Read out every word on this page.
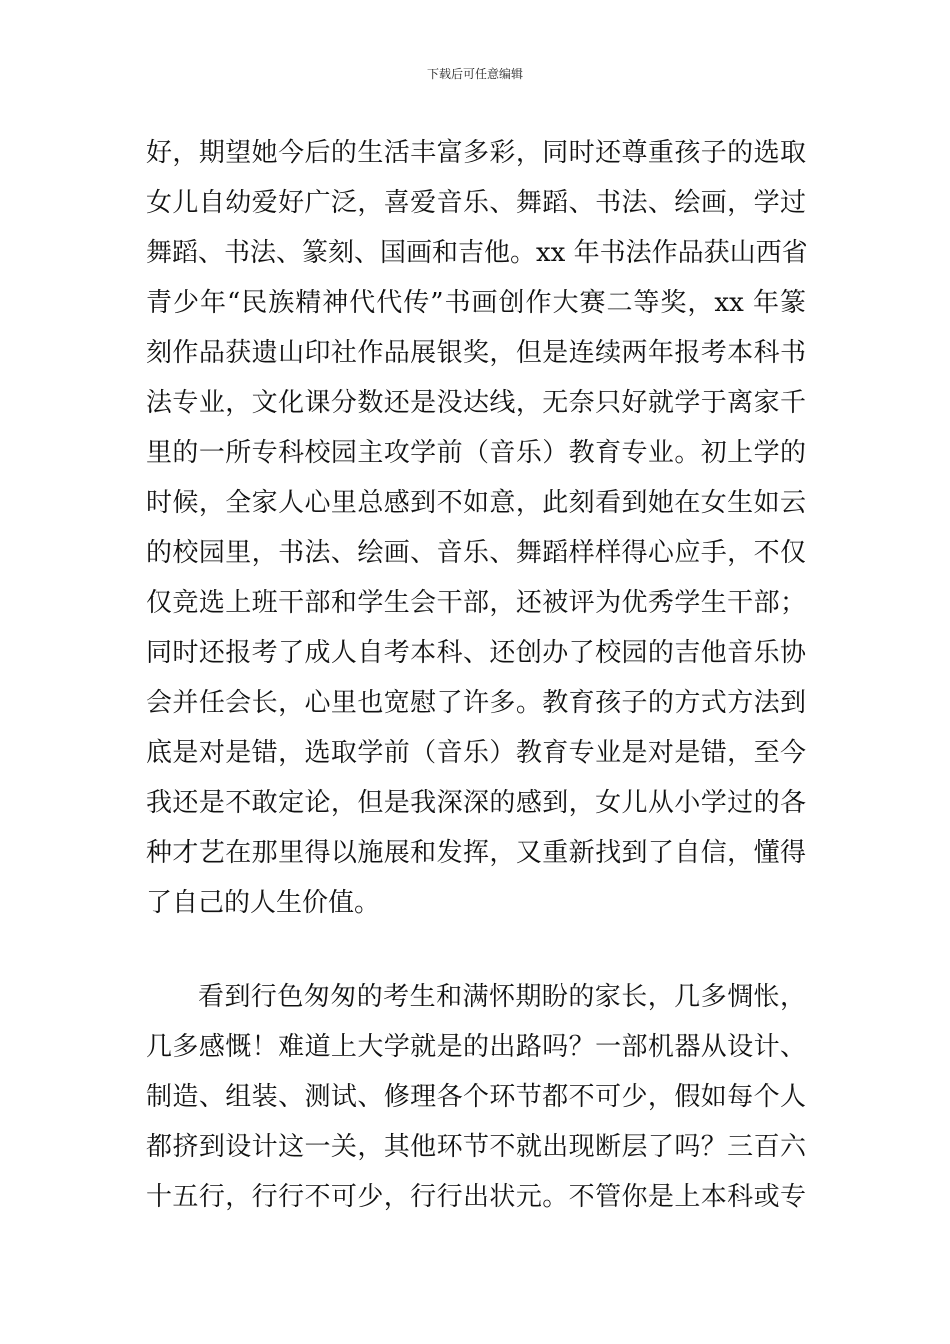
下载后可任意编辑
好，期望她今后的生活丰富多彩，同时还尊重孩子的选取
女儿自幼爱好广泛，喜爱音乐、舞蹈、书法、绘画，学过
舞蹈、书法、篆刻、国画和吉他。xx 年书法作品获山西省
青少年“民族精神代代传”书画创作大赛二等奖，xx 年篆
刻作品获遗山印社作品展银奖，但是连续两年报考本科书
法专业，文化课分数还是没达线，无奈只好就学于离家千
里的一所专科校园主攻学前（音乐）教育专业。初上学的
时候，全家人心里总感到不如意，此刻看到她在女生如云
的校园里，书法、绘画、音乐、舞蹈样样得心应手，不仅
仅竞选上班干部和学生会干部，还被评为优秀学生干部；
同时还报考了成人自考本科、还创办了校园的吉他音乐协
会并任会长，心里也宽慰了许多。教育孩子的方式方法到
底是对是错，选取学前（音乐）教育专业是对是错，至今
我还是不敢定论，但是我深深的感到，女儿从小学过的各
种才艺在那里得以施展和发挥，又重新找到了自信，懂得
了自己的人生价值。
看到行色匆匆的考生和满怀期盼的家长，几多惆怅，
几多感慨！难道上大学就是的出路吗？一部机器从设计、
制造、组装、测试、修理各个环节都不可少，假如每个人
都挤到设计这一关，其他环节不就出现断层了吗？三百六
十五行，行行不可少，行行出状元。不管你是上本科或专
